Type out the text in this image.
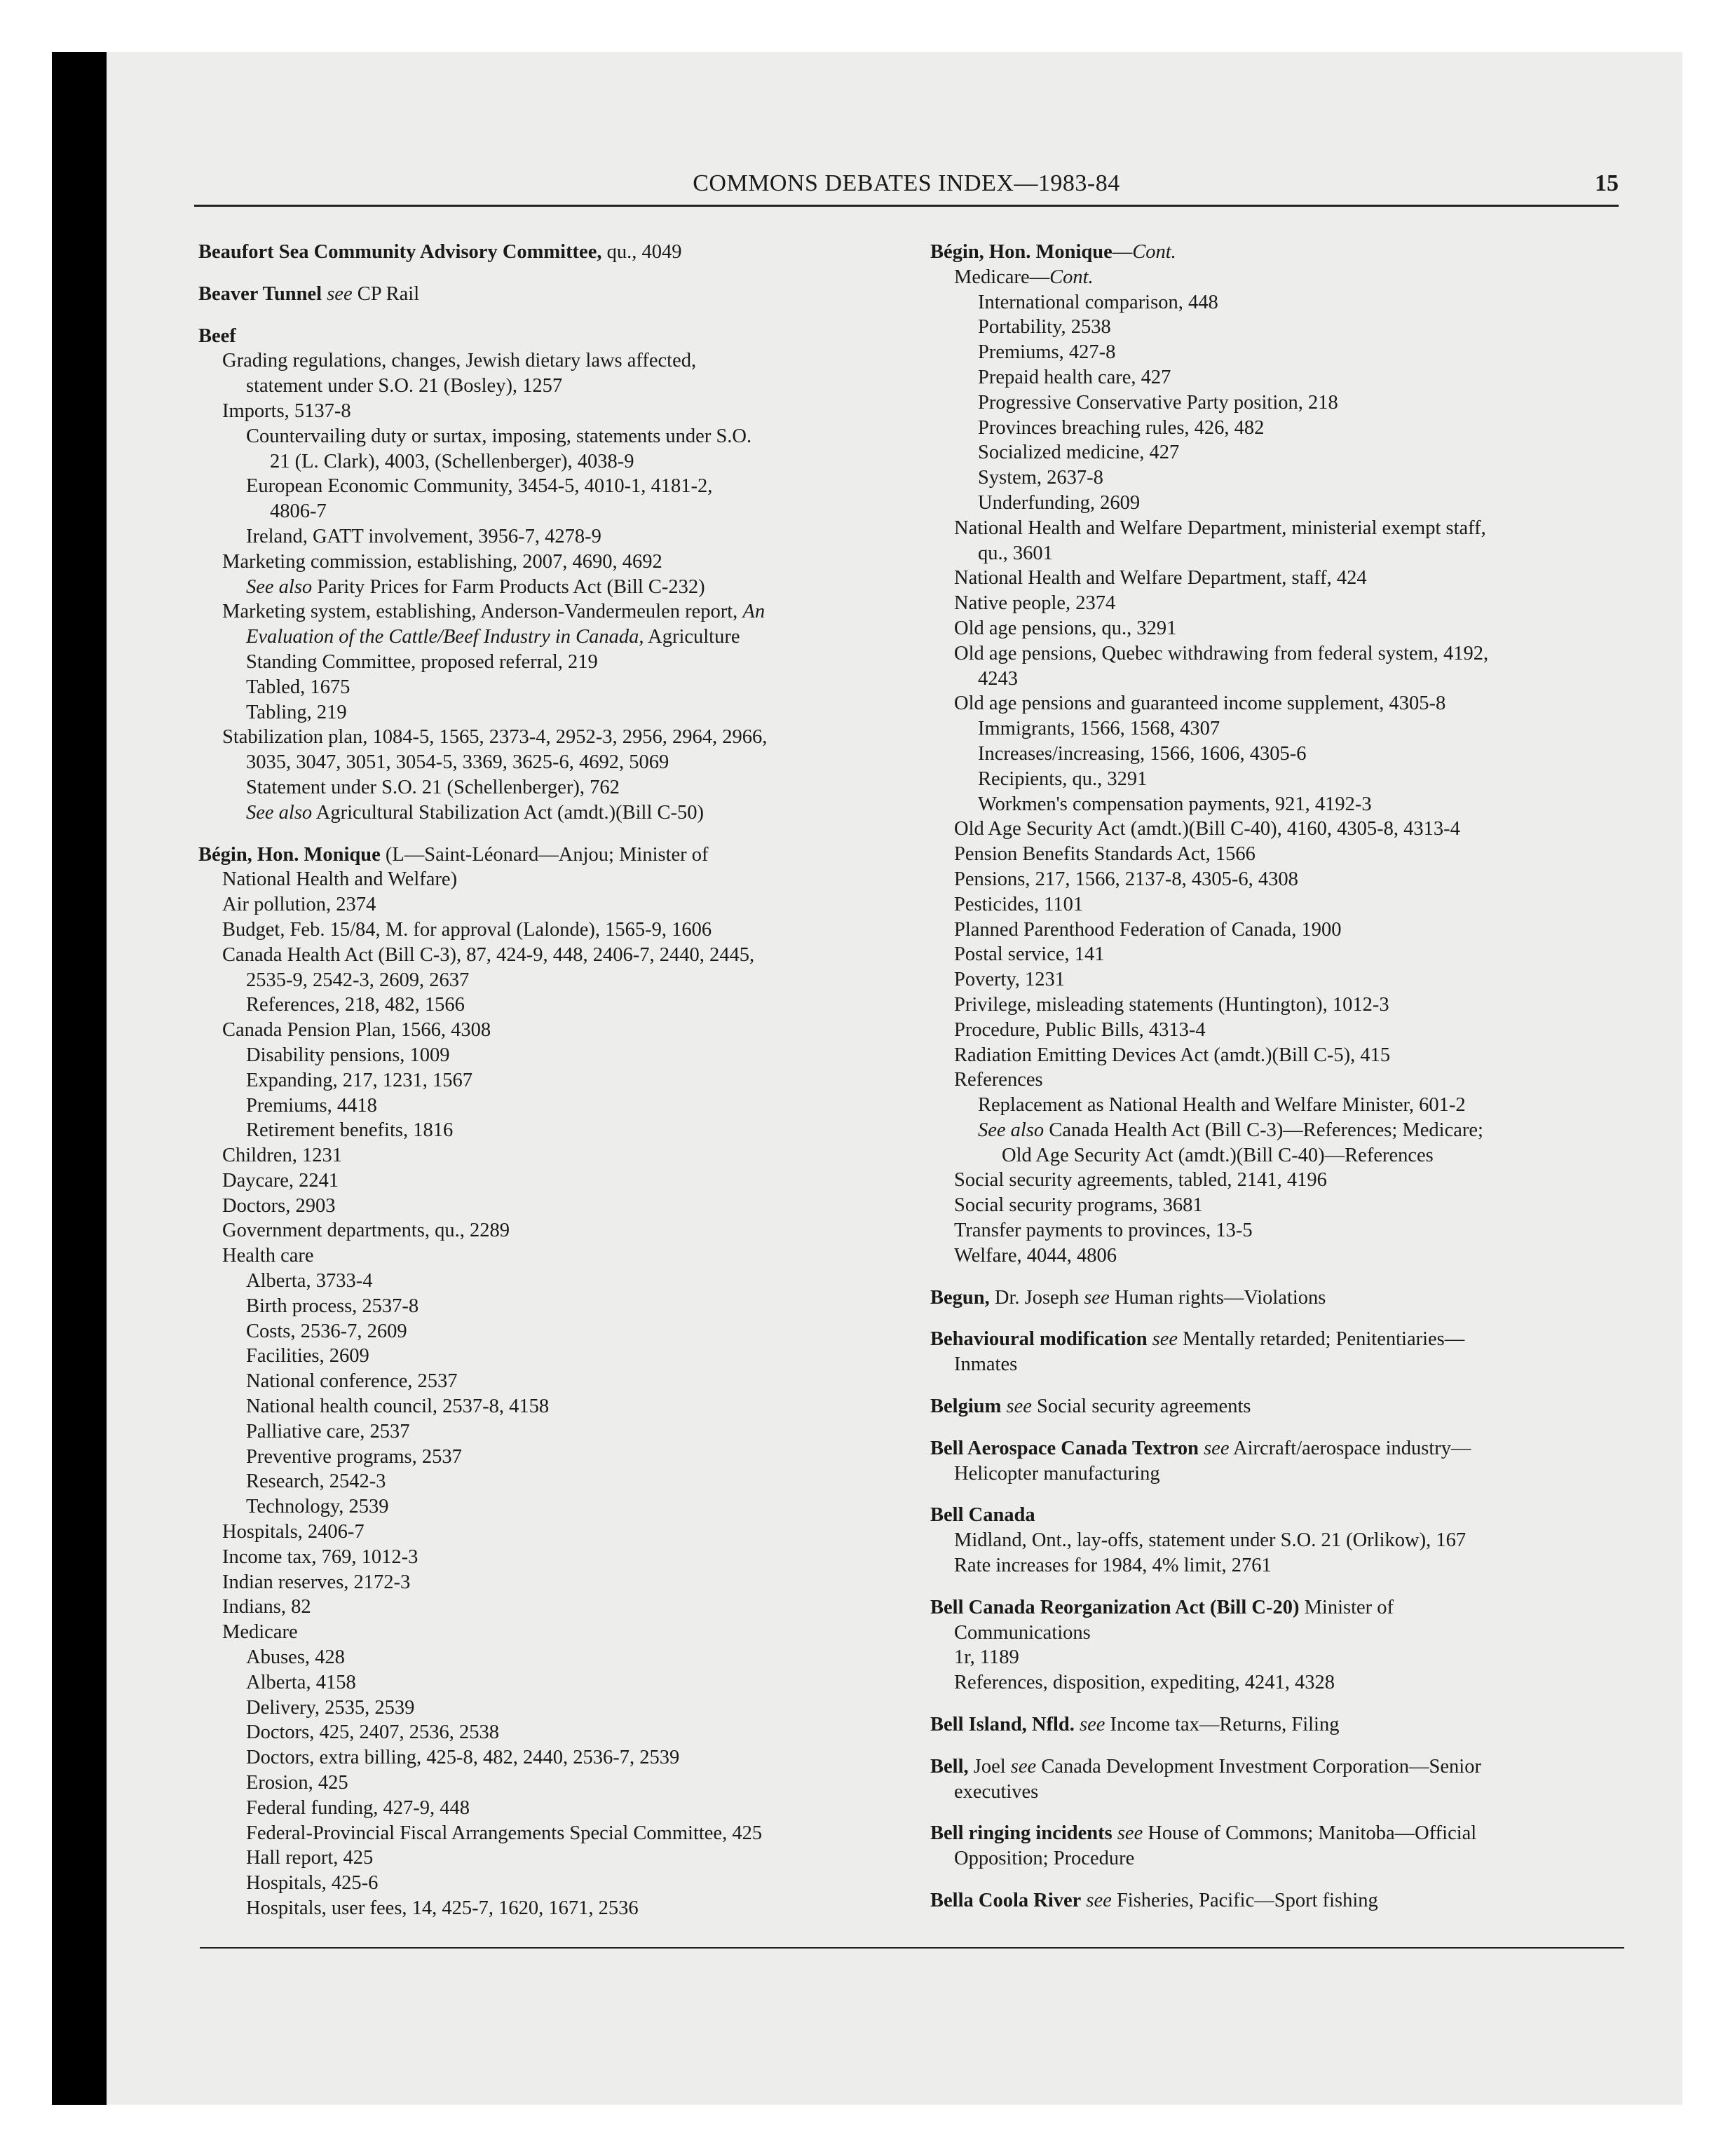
COMMONS DEBATES INDEX—1983-84	15
Beaufort Sea Community Advisory Committee, qu., 4049
Beaver Tunnel see CP Rail
Beef
Grading regulations, changes, Jewish dietary laws affected,
statement under S.O. 21 (Bosley), 1257
Imports, 5137-8
Countervailing duty or surtax, imposing, statements under S.O.
21 (L. Clark), 4003, (Schellenberger), 4038-9
European Economic Community, 3454-5, 4010-1, 4181-2,
4806-7
Ireland, GATT involvement, 3956-7, 4278-9
Marketing commission, establishing, 2007, 4690, 4692
See also Parity Prices for Farm Products Act (Bill C-232)
Marketing system, establishing, Anderson-Vandermeulen report, An
Evaluation of the Cattle/Beef Industry in Canada, Agriculture
Standing Committee, proposed referral, 219
Tabled, 1675
Tabling, 219
Stabilization plan, 1084-5, 1565, 2373-4, 2952-3, 2956, 2964, 2966,
3035, 3047, 3051, 3054-5, 3369, 3625-6, 4692, 5069
Statement under S.O. 21 (Schellenberger), 762
See also Agricultural Stabilization Act (amdt.)(Bill C-50)
Bégin, Hon. Monique (L—Saint-Léonard—Anjou; Minister of
National Health and Welfare)
Air pollution, 2374
Budget, Feb. 15/84, M. for approval (Lalonde), 1565-9, 1606
Canada Health Act (Bill C-3), 87, 424-9, 448, 2406-7, 2440, 2445,
2535-9, 2542-3, 2609, 2637
References, 218, 482, 1566
Canada Pension Plan, 1566, 4308
Disability pensions, 1009
Expanding, 217, 1231, 1567
Premiums, 4418
Retirement benefits, 1816
Children, 1231
Daycare, 2241
Doctors, 2903
Government departments, qu., 2289
Health care
Alberta, 3733-4
Birth process, 2537-8
Costs, 2536-7, 2609
Facilities, 2609
National conference, 2537
National health council, 2537-8, 4158
Palliative care, 2537
Preventive programs, 2537
Research, 2542-3
Technology, 2539
Hospitals, 2406-7
Income tax, 769, 1012-3
Indian reserves, 2172-3
Indians, 82
Medicare
Abuses, 428
Alberta, 4158
Delivery, 2535, 2539
Doctors, 425, 2407, 2536, 2538
Doctors, extra billing, 425-8, 482, 2440, 2536-7, 2539
Erosion, 425
Federal funding, 427-9, 448
Federal-Provincial Fiscal Arrangements Special Committee, 425
Hall report, 425
Hospitals, 425-6
Hospitals, user fees, 14, 425-7, 1620, 1671, 2536
Bégin, Hon. Monique—Cont.
Medicare—Cont.
International comparison, 448
Portability, 2538
Premiums, 427-8
Prepaid health care, 427
Progressive Conservative Party position, 218
Provinces breaching rules, 426, 482
Socialized medicine, 427
System, 2637-8
Underfunding, 2609
National Health and Welfare Department, ministerial exempt staff,
qu., 3601
National Health and Welfare Department, staff, 424
Native people, 2374
Old age pensions, qu., 3291
Old age pensions, Quebec withdrawing from federal system, 4192,
4243
Old age pensions and guaranteed income supplement, 4305-8
Immigrants, 1566, 1568, 4307
Increases/increasing, 1566, 1606, 4305-6
Recipients, qu., 3291
Workmen's compensation payments, 921, 4192-3
Old Age Security Act (amdt.)(Bill C-40), 4160, 4305-8, 4313-4
Pension Benefits Standards Act, 1566
Pensions, 217, 1566, 2137-8, 4305-6, 4308
Pesticides, 1101
Planned Parenthood Federation of Canada, 1900
Postal service, 141
Poverty, 1231
Privilege, misleading statements (Huntington), 1012-3
Procedure, Public Bills, 4313-4
Radiation Emitting Devices Act (amdt.)(Bill C-5), 415
References
Replacement as National Health and Welfare Minister, 601-2
See also Canada Health Act (Bill C-3)—References; Medicare;
Old Age Security Act (amdt.)(Bill C-40)—References
Social security agreements, tabled, 2141, 4196
Social security programs, 3681
Transfer payments to provinces, 13-5
Welfare, 4044, 4806
Begun, Dr. Joseph see Human rights—Violations
Behavioural modification see Mentally retarded; Penitentiaries—
Inmates
Belgium see Social security agreements
Bell Aerospace Canada Textron see Aircraft/aerospace industry—
Helicopter manufacturing
Bell Canada
Midland, Ont., lay-offs, statement under S.O. 21 (Orlikow), 167
Rate increases for 1984, 4% limit, 2761
Bell Canada Reorganization Act (Bill C-20) Minister of
Communications
1r, 1189
References, disposition, expediting, 4241, 4328
Bell Island, Nfld. see Income tax—Returns, Filing
Bell, Joel see Canada Development Investment Corporation—Senior
executives
Bell ringing incidents see House of Commons; Manitoba—Official
Opposition; Procedure
Bella Coola River see Fisheries, Pacific—Sport fishing
